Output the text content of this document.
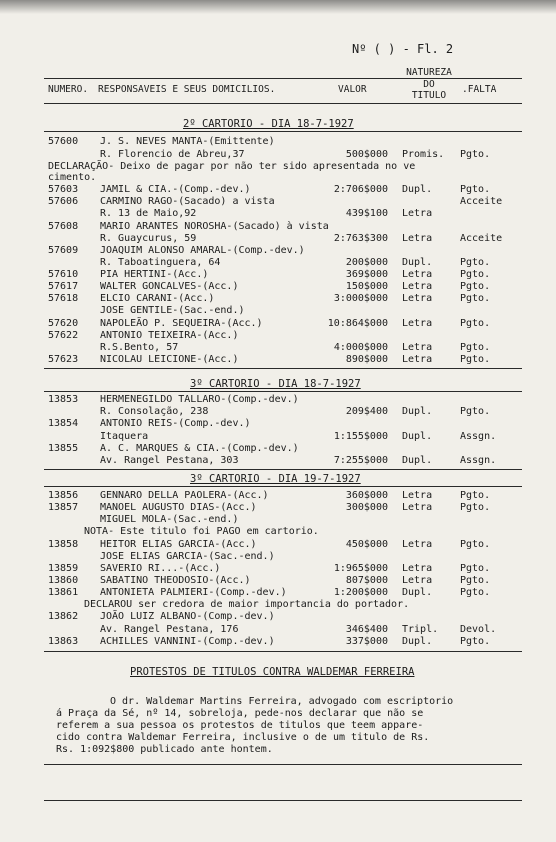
Nº ( ) - Fl. 2
NUMERO. RESPONSAVEIS E SEUS DOMICILIOS.	VALOR
NATUREZA
DO
TITULO
.FALTA
2º CARTORIO - DIA 18-7-1927
57600 J. S. NEVES MANTA-(Emittente)
R. Florencio de Abreu,37	500$000 Promis. Pgto.
DECLARAÇÃO- Deixo de pagar por não ter sido apresentada no ve
cimento.
57603 JAMIL & CIA.-(Comp.-dev.)	2:706$000 Dupl.	Pgto.
57606 CARMINO RAGO-(Sacado) a vista	Acceite
R. 13 de Maio,92	439$100 Letra
57608 MARIO ARANTES NOROSHA-(Sacado) à vista
R. Guaycurus, 59	2:763$300 Letra	Acceite
57609 JOAQUIM ALONSO AMARAL-(Comp.-dev.)
R. Taboatinguera, 64	200$000 Dupl.	Pgto.
57610 PIA HERTINI-(Acc.)	369$000 Letra	Pgto.
57617 WALTER GONCALVES-(Acc.)	150$000 Letra	Pgto.
57618 ELCIO CARANI-(Acc.)	3:000$000 Letra	Pgto.
JOSE GENTILE-(Sac.-end.)
57620 NAPOLEÃO P. SEQUEIRA-(Acc.)	10:864$000 Letra	Pgto.
57622 ANTONIO TEIXEIRA-(Acc.)
R.S.Bento, 57	4:000$000 Letra	Pgto.
57623 NICOLAU LEICIONE-(Acc.)	890$000 Letra	Pgto.
3º CARTORIO - DIA 18-7-1927
13853 HERMENEGILDO TALLARO-(Comp.-dev.)
R. Consolação, 238	209$400 Dupl.	Pgto.
13854 ANTONIO REIS-(Comp.-dev.)
Itaquera	1:155$000 Dupl.	Assgn.
13855 A. C. MARQUES & CIA.-(Comp.-dev.)
Av. Rangel Pestana, 303	7:255$000 Dupl.	Assgn.
3º CARTORIO - DIA 19-7-1927
13856 GENNARO DELLA PAOLERA-(Acc.)	360$000 Letra	Pgto.
13857 MANOEL AUGUSTO DIAS-(Acc.)	300$000 Letra	Pgto.
MIGUEL MOLA-(Sac.-end.)
NOTA- Este titulo foi PAGO em cartorio.
13858 HEITOR ELIAS GARCIA-(Acc.)	450$000 Letra	Pgto.
JOSE ELIAS GARCIA-(Sac.-end.)
13859 SAVERIO RI...-(Acc.)	1:965$000 Letra	Pgto.
13860 SABATINO THEODOSIO-(Acc.)	807$000 Letra	Pgto.
13861 ANTONIETA PALMIERI-(Comp.-dev.)	1:200$000 Dupl.	Pgto.
DECLAROU ser credora de maior importancia do portador.
13862 JOÃO LUIZ ALBANO-(Comp.-dev.)
Av. Rangel Pestana, 176	346$400 Tripl. Devol.
13863 ACHILLES VANNINI-(Comp.-dev.)	337$000 Dupl.	Pgto.
PROTESTOS DE TITULOS CONTRA WALDEMAR FERREIRA
O dr. Waldemar Martins Ferreira, advogado com escriptorio
á Praça da Sé, nº 14, sobreloja, pede-nos declarar que não se
referem a sua pessoa os protestos de titulos que teem appare-
cido contra Waldemar Ferreira, inclusive o de um titulo de Rs.
Rs. 1:092$800 publicado ante hontem.
